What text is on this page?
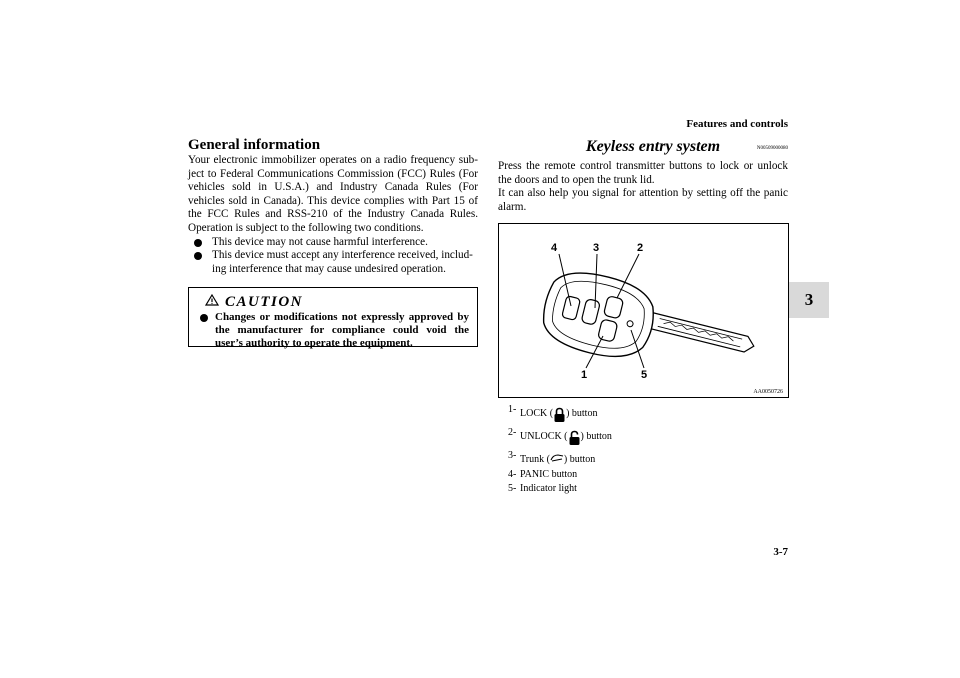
Features and controls
3
3-7
General information

Your electronic immobilizer operates on a radio frequency sub-ject to Federal Communications Commission (FCC) Rules (For vehicles sold in U.S.A.) and Industry Canada Rules (For vehicles sold in Canada). This device complies with Part 15 of the FCC Rules and RSS-210 of the Industry Canada Rules. Operation is subject to the following two conditions.

This device may not cause harmful interference.
This device must accept any interference received, includ-ing interference that may cause undesired operation.
CAUTION
Changes or modifications not expressly approved by the manufacturer for compliance could void the user’s authority to operate the equipment.
Keyless entry system	N00509000080

Press the remote control transmitter buttons to lock or unlock the doors and to open the trunk lid.

It can also help you signal for attention by setting off the panic alarm.

4	3	2
1	5
AA0050726
1- LOCK ( ) button
2- UNLOCK ( ) button
3- Trunk ( ) button
4- PANIC button
5- Indicator light
